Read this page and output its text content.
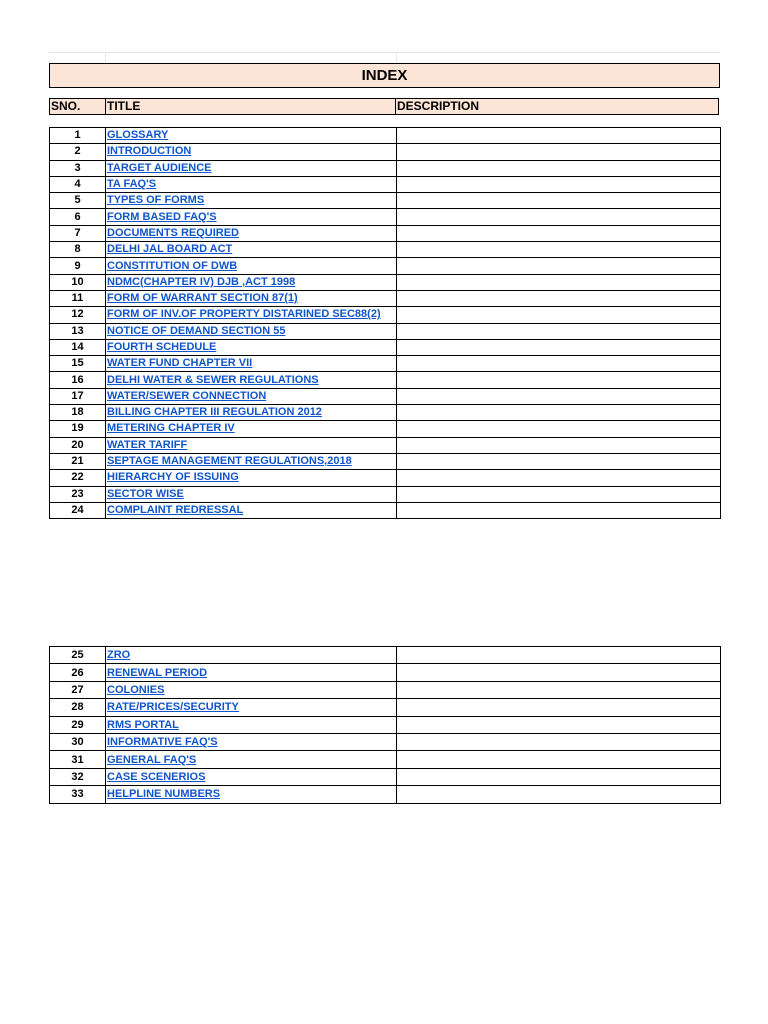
INDEX
SNO.	TITLE	DESCRIPTION
1	GLOSSARY	
2	INTRODUCTION	
3	TARGET AUDIENCE	
4	TA FAQ'S	
5	TYPES OF FORMS	
6	FORM BASED FAQ'S	
7	DOCUMENTS REQUIRED	
8	DELHI JAL BOARD ACT	
9	CONSTITUTION OF DWB	
10	NDMC(CHAPTER IV) DJB ,ACT 1998	
11	FORM OF WARRANT SECTION 87(1)	
12	FORM OF INV.OF PROPERTY DISTARINED SEC88(2)	
13	NOTICE OF DEMAND SECTION 55	
14	FOURTH SCHEDULE	
15	WATER FUND CHAPTER VII	
16	DELHI WATER & SEWER REGULATIONS	
17	WATER/SEWER CONNECTION	
18	BILLING CHAPTER III REGULATION 2012	
19	METERING CHAPTER IV	
20	WATER TARIFF	
21	SEPTAGE MANAGEMENT REGULATIONS,2018	
22	HIERARCHY OF ISSUING	
23	SECTOR WISE	
24	COMPLAINT REDRESSAL	
25	ZRO	
26	RENEWAL PERIOD	
27	COLONIES	
28	RATE/PRICES/SECURITY	
29	RMS PORTAL	
30	INFORMATIVE FAQ'S	
31	GENERAL FAQ'S	
32	CASE SCENERIOS	
33	HELPLINE NUMBERS	
